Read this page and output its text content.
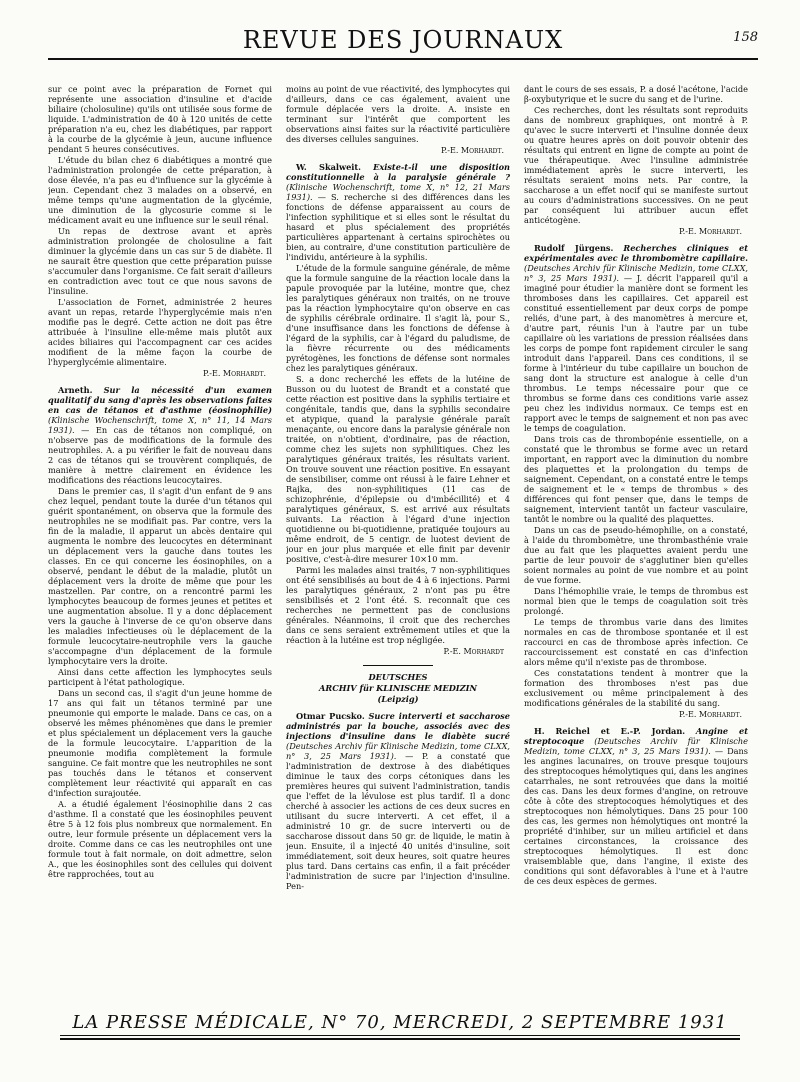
REVUE DES JOURNAUX	158

sur ce point avec la préparation de Fornet qui représente une association d'insuline et d'acide biliaire (cholosuline) qu'ils ont utilisée sous forme de liquide. L'administration de 40 à 120 unités de cette préparation n'a eu, chez les diabétiques, par rapport à la courbe de la glycémie à jeun, aucune influence pendant 5 heures consécutives.

L'étude du bilan chez 6 diabétiques a montré que l'administration prolongée de cette préparation, à dose élevée, n'a pas eu d'influence sur la glycémie à jeun. Cependant chez 3 malades on a observé, en même temps qu'une augmentation de la glycémie, une diminution de la glycosurie comme si le médicament avait eu une influence sur le seuil rénal.

Un repas de dextrose avant et après administration prolongée de cholosuline a fait diminuer la glycémie dans un cas sur 5 de diabète. Il ne saurait être question que cette préparation puisse s'accumuler dans l'organisme. Ce fait serait d'ailleurs en contradiction avec tout ce que nous savons de l'insuline.

L'association de Fornet, administrée 2 heures avant un repas, retarde l'hyperglycémie mais n'en modifie pas le degré. Cette action ne doit pas être attribuée à l'insuline elle-même mais plutôt aux acides biliaires qui l'accompagnent car ces acides modifient de la même façon la courbe de l'hyperglycémie alimentaire.

P.-E. Morhardt.

Arneth. Sur la nécessité d'un examen qualitatif du sang d'après les observations faites en cas de tétanos et d'asthme (éosinophilie) (Klinische Wochenschrift, tome X, n° 11, 14 Mars 1931). — En cas de tétanos non compliqué, on n'observe pas de modifications de la formule des neutrophiles. A. a pu vérifier le fait de nouveau dans 2 cas de tétanos qui se trouvèrent compliqués, de manière à mettre clairement en évidence les modifications des réactions leucocytaires.

Dans le premier cas, il s'agit d'un enfant de 9 ans chez lequel, pendant toute la durée d'un tétanos qui guérit spontanément, on observa que la formule des neutrophiles ne se modifiait pas. Par contre, vers la fin de la maladie, il apparut un abcès dentaire qui augmenta le nombre des leucocytes en déterminant un déplacement vers la gauche dans toutes les classes. En ce qui concerne les éosinophiles, on a observé, pendant le début de la maladie, plutôt un déplacement vers la droite de même que pour les mastzellen. Par contre, on a rencontré parmi les lymphocytes beaucoup de formes jeunes et petites et une augmentation absolue. Il y a donc déplacement vers la gauche à l'inverse de ce qu'on observe dans les maladies infectieuses où le déplacement de la formule leucocytaire-neutrophile vers la gauche s'accompagne d'un déplacement de la formule lymphocytaire vers la droite.

Ainsi dans cette affection les lymphocytes seuls participent à l'état pathologique.

Dans un second cas, il s'agit d'un jeune homme de 17 ans qui fait un tétanos terminé par une pneumonie qui emporte le malade. Dans ce cas, on a observé les mêmes phénomènes que dans le premier et plus spécialement un déplacement vers la gauche de la formule leucocytaire. L'apparition de la pneumonie modifia complètement la formule sanguine. Ce fait montre que les neutrophiles ne sont pas touchés dans le tétanos et conservent complètement leur réactivité qui apparaît en cas d'infection surajoutée.

A. a étudié également l'éosinophilie dans 2 cas d'asthme. Il a constaté que les éosinophiles peuvent être 5 à 12 fois plus nombreux que normalement. En outre, leur formule présente un déplacement vers la droite. Comme dans ce cas les neutrophiles ont une formule tout à fait normale, on doit admettre, selon A., que les éosinophiles sont des cellules qui doivent être rapprochées, tout au

moins au point de vue réactivité, des lymphocytes qui d'ailleurs, dans ce cas également, avaient une formule déplacée vers la droite. A. insiste en terminant sur l'intérêt que comportent les observations ainsi faites sur la réactivité particulière des diverses cellules sanguines.

P.-E. Morhardt.

W. Skalweit. Existe-t-il une disposition constitutionnelle à la paralysie générale ? (Klinische Wochenschrift, tome X, n° 12, 21 Mars 1931). — S. recherche si des différences dans les fonctions de défense apparaissent au cours de l'infection syphilitique et si elles sont le résultat du hasard et plus spécialement des propriétés particulières appartenant à certains spirochètes ou bien, au contraire, d'une constitution particulière de l'individu, antérieure à la syphilis.

L'étude de la formule sanguine générale, de même que la formule sanguine de la réaction locale dans la papule provoquée par la lutéine, montre que, chez les paralytiques généraux non traités, on ne trouve pas la réaction lymphocytaire qu'on observe en cas de syphilis cérébrale ordinaire. Il s'agit là, pour S., d'une insuffisance dans les fonctions de défense à l'égard de la syphilis, car à l'égard du paludisme, de la fièvre récurrente ou des médicaments pyrétogènes, les fonctions de défense sont normales chez les paralytiques généraux.

S. a donc recherché les effets de la lutéine de Busson ou du luotest de Brandt et a constaté que cette réaction est positive dans la syphilis tertiaire et congénitale, tandis que, dans la syphilis secondaire et atypique, quand la paralysie générale paraît menaçante, ou encore dans la paralysie générale non traitée, on n'obtient, d'ordinaire, pas de réaction, comme chez les sujets non syphilitiques. Chez les paralytiques généraux traités, les résultats varient. On trouve souvent une réaction positive. En essayant de sensibiliser, comme ont réussi à le faire Lehner et Rajka, des non-syphilitiques (11 cas de schizophrénie, d'épilepsie ou d'imbécillité) et 4 paralytiques généraux, S. est arrivé aux résultats suivants. La réaction à l'égard d'une injection quotidienne ou bi-quotidienne, pratiquée toujours au même endroit, de 5 centigr. de luotest devient de jour en jour plus marquée et elle finit par devenir positive, c'est-à-dire mesurer 10×10 mm.

Parmi les malades ainsi traités, 7 non-syphilitiques ont été sensibilisés au bout de 4 à 6 injections. Parmi les paralytiques généraux, 2 n'ont pas pu être sensibilisés et 2 l'ont été. S. reconnaît que ces recherches ne permettent pas de conclusions générales. Néanmoins, il croit que des recherches dans ce sens seraient extrêmement utiles et que la réaction à la lutéine est trop négligée.

P.-E. Morhardt
DEUTSCHES
ARCHIV für KLINISCHE MEDIZIN
(Leipzig)

Otmar Pucsko. Sucre interverti et saccharose administrés par la bouche, associés avec des injections d'insuline dans le diabète sucré (Deutsches Archiv für Klinische Medizin, tome CLXX, n° 3, 25 Mars 1931). — P. a constaté que l'administration de dextrose à des diabétiques diminue le taux des corps cétoniques dans les premières heures qui suivent l'administration, tandis que l'effet de la lévulose est plus tardif. Il a donc cherché à associer les actions de ces deux sucres en utilisant du sucre interverti. A cet effet, il a administré 10 gr. de sucre interverti ou de saccharose dissout dans 50 gr. de liquide, le matin à jeun. Ensuite, il a injecté 40 unités d'insuline, soit immédiatement, soit deux heures, soit quatre heures plus tard. Dans certains cas enfin, il a fait précéder l'administration de sucre par l'injection d'insuline. Pen-

dant le cours de ses essais, P. a dosé l'acétone, l'acide β-oxybutyrique et le sucre du sang et de l'urine.

Ces recherches, dont les résultats sont reproduits dans de nombreux graphiques, ont montré à P. qu'avec le sucre interverti et l'insuline donnée deux ou quatre heures après on doit pouvoir obtenir des résultats qui entrent en ligne de compte au point de vue thérapeutique. Avec l'insuline administrée immédiatement après le sucre interverti, les résultats seraient moins nets. Par contre, la saccharose a un effet nocif qui se manifeste surtout au cours d'administrations successives. On ne peut par conséquent lui attribuer aucun effet anticétogène.

P.-E. Morhardt.

Rudolf Jürgens. Recherches cliniques et expérimentales avec le thrombomètre capillaire. (Deutsches Archiv für Klinische Medizin, tome CLXX, n° 3, 25 Mars 1931). — J. décrit l'appareil qu'il a imaginé pour étudier la manière dont se forment les thromboses dans les capillaires. Cet appareil est constitué essentiellement par deux corps de pompe reliés, d'une part, à des manomètres à mercure et, d'autre part, réunis l'un à l'autre par un tube capillaire où les variations de pression réalisées dans les corps de pompe font rapidement circuler le sang introduit dans l'appareil. Dans ces conditions, il se forme à l'intérieur du tube capillaire un bouchon de sang dont la structure est analogue à celle d'un thrombus. Le temps nécessaire pour que ce thrombus se forme dans ces conditions varie assez peu chez les individus normaux. Ce temps est en rapport avec le temps de saignement et non pas avec le temps de coagulation.

Dans trois cas de thrombopénie essentielle, on a constaté que le thrombus se forme avec un retard important, en rapport avec la diminution du nombre des plaquettes et la prolongation du temps de saignement. Cependant, on a constaté entre le temps de saignement et le « temps de thrombus » des différences qui font penser que, dans le temps de saignement, intervient tantôt un facteur vasculaire, tantôt le nombre ou la qualité des plaquettes.

Dans un cas de pseudo-hémophilie, on a constaté, à l'aide du thrombomètre, une thrombasthénie vraie due au fait que les plaquettes avaient perdu une partie de leur pouvoir de s'agglutiner bien qu'elles soient normales au point de vue nombre et au point de vue forme.

Dans l'hémophilie vraie, le temps de thrombus est normal bien que le temps de coagulation soit très prolongé.

Le temps de thrombus varie dans des limites normales en cas de thrombose spontanée et il est raccourci en cas de thrombose après infection. Ce raccourcissement est constaté en cas d'infection alors même qu'il n'existe pas de thrombose.

Ces constatations tendent à montrer que la formation des thromboses n'est pas due exclusivement ou même principalement à des modifications générales de la stabilité du sang.

P.-E. Morhardt.

H. Reichel et E.-P. Jordan. Angine et streptocoque (Deutsches Archiv für Klinische Medizin, tome CLXX, n° 3, 25 Mars 1931). — Dans les angines lacunaires, on trouve presque toujours des streptocoques hémolytiques qui, dans les angines catarrhales, ne sont retrouvées que dans la moitié des cas. Dans les deux formes d'angine, on retrouve côte à côte des streptocoques hémolytiques et des streptocoques non hémolytiques. Dans 25 pour 100 des cas, les germes non hémolytiques ont montré la propriété d'inhiber, sur un milieu artificiel et dans certaines circonstances, la croissance des streptocoques hémolytiques. Il est donc vraisemblable que, dans l'angine, il existe des conditions qui sont défavorables à l'une et à l'autre de ces deux espèces de germes.

LA PRESSE MÉDICALE, N° 70, MERCREDI, 2 SEPTEMBRE 1931
